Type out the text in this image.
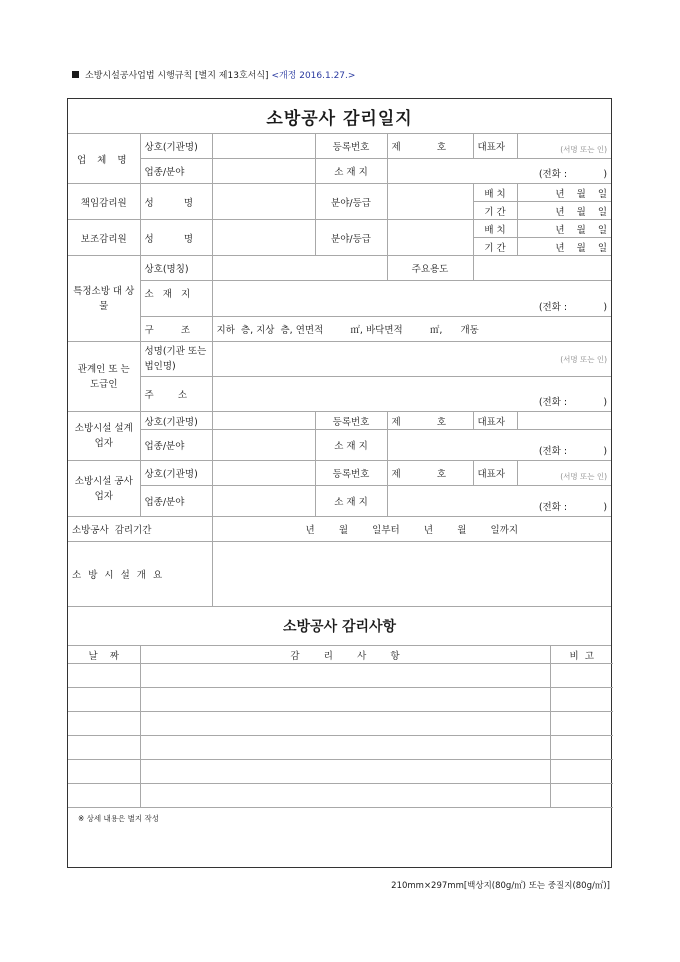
소방시설공사업법 시행규칙 [별지 제13호서식] <개정 2016.1.27.>
소방공사 감리일지						
업 체 명	상호(기관명)		등록번호	제            호	대표자	(서명 또는 인)
	업종/분야		소 재 지	(전화 :            )		
책임감리원	성          명		분야/등급		배 치	년    월    일
					기 간	년    월    일
보조감리원	성          명		분야/등급		배 치	년    월    일
					기 간	년    월    일
특정소방 대 상 물	상호(명칭)			주요용도		
	소   재   지	(전화 :            )				
	구         조	지하  층, 지상  층, 연면적         ㎡, 바닥면적         ㎡,      개동				
관계인 또 는 도급인	성명(기관 또는 법인명)	(서명 또는 인)				
	주        소	(전화 :            )				
소방시설 설계업자	상호(기관명)		등록번호	제            호	대표자	
	업종/분야		소 재 지	(전화 :            )		
소방시설 공사업자	상호(기관명)		등록번호	제            호	대표자	(서명 또는 인)
	업종/분야		소 재 지	(전화 :            )		
소방공사  감리기간		년        월        일부터        년        월        일까지				
소 방 시 설 개 요						
소방공사 감리사항						
날    짜	감        리        사        항	비  고

※ 상세 내용은 별지 작성		
210mm×297mm[백상지(80g/㎡) 또는 중질지(80g/㎡)]
